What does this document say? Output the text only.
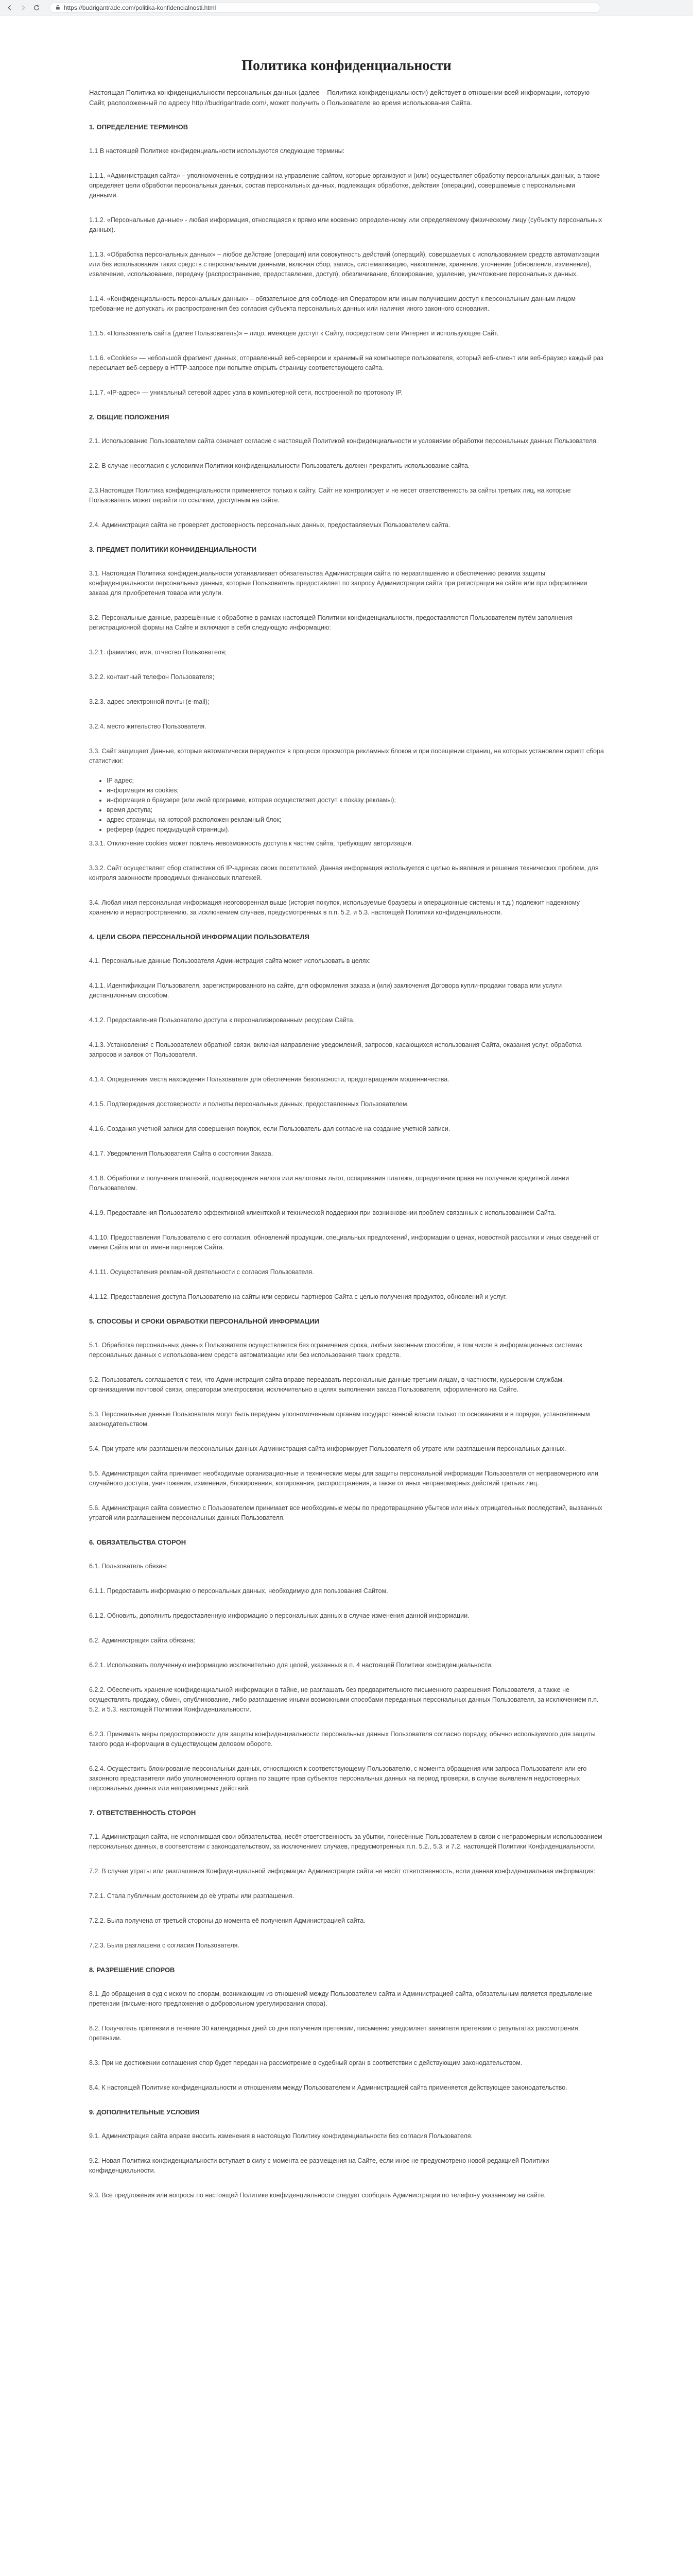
https://budrigantrade.com/politika-konfidencialnosti.html
Политика конфиденциальности

Настоящая Политика конфиденциальности персональных данных (далее – Политика конфиденциальности) действует в отношении всей информации, которую Сайт, расположенный по адресу http://budrigantrade.com/, может получить о Пользователе во время использования Сайта.

1. ОПРЕДЕЛЕНИЕ ТЕРМИНОВ

1.1 В настоящей Политике конфиденциальности используются следующие термины:

1.1.1. «Администрация сайта» – уполномоченные сотрудники на управление сайтом, которые организуют и (или) осуществляет обработку персональных данных, а также определяет цели обработки персональных данных, состав персональных данных, подлежащих обработке, действия (операции), совершаемые с персональными данными.

1.1.2. «Персональные данные» - любая информация, относящаяся к прямо или косвенно определенному или определяемому физическому лицу (субъекту персональных данных).

1.1.3. «Обработка персональных данных» – любое действие (операция) или совокупность действий (операций), совершаемых с использованием средств автоматизации или без использования таких средств с персональными данными, включая сбор, запись, систематизацию, накопление, хранение, уточнение (обновление, изменение), извлечение, использование, передачу (распространение, предоставление, доступ), обезличивание, блокирование, удаление, уничтожение персональных данных.

1.1.4. «Конфиденциальность персональных данных» – обязательное для соблюдения Оператором или иным получившим доступ к персональным данным лицом требование не допускать их распространения без согласия субъекта персональных данных или наличия иного законного основания.

1.1.5. «Пользователь сайта (далее Пользователь)» – лицо, имеющее доступ к Сайту, посредством сети Интернет и использующее Сайт.

1.1.6. «Cookies» — небольшой фрагмент данных, отправленный веб-сервером и хранимый на компьютере пользователя, который веб-клиент или веб-браузер каждый раз пересылает веб-серверу в HTTP-запросе при попытке открыть страницу соответствующего сайта.

1.1.7. «IP-адрес» — уникальный сетевой адрес узла в компьютерной сети, построенной по протоколу IP.

2. ОБЩИЕ ПОЛОЖЕНИЯ

2.1. Использование Пользователем сайта означает согласие с настоящей Политикой конфиденциальности и условиями обработки персональных данных Пользователя.

2.2. В случае несогласия с условиями Политики конфиденциальности Пользователь должен прекратить использование сайта.

2.3.Настоящая Политика конфиденциальности применяется только к сайту. Сайт не контролирует и не несет ответственность за сайты третьих лиц, на которые Пользователь может перейти по ссылкам, доступным на сайте.

2.4. Администрация сайта не проверяет достоверность персональных данных, предоставляемых Пользователем сайта.

3. ПРЕДМЕТ ПОЛИТИКИ КОНФИДЕНЦИАЛЬНОСТИ

3.1. Настоящая Политика конфиденциальности устанавливает обязательства Администрации сайта по неразглашению и обеспечению режима защиты конфиденциальности персональных данных, которые Пользователь предоставляет по запросу Администрации сайта при регистрации на сайте или при оформлении заказа для приобретения товара или услуги.

3.2. Персональные данные, разрешённые к обработке в рамках настоящей Политики конфиденциальности, предоставляются Пользователем путём заполнения регистрационной формы на Сайте и включают в себя следующую информацию:

3.2.1. фамилию, имя, отчество Пользователя;

3.2.2. контактный телефон Пользователя;

3.2.3. адрес электронной почты (e-mail);

3.2.4. место жительство Пользователя.

3.3. Сайт защищает Данные, которые автоматически передаются в процессе просмотра рекламных блоков и при посещении страниц, на которых установлен скрипт сбора статистики:

• IP адрес;
• информация из cookies;
• информация о браузере (или иной программе, которая осуществляет доступ к показу рекламы);
• время доступа;
• адрес страницы, на которой расположен рекламный блок;
• реферер (адрес предыдущей страницы).

3.3.1. Отключение cookies может повлечь невозможность доступа к частям сайта, требующим авторизации.

3.3.2. Сайт осуществляет сбор статистики об IP-адресах своих посетителей. Данная информация используется с целью выявления и решения технических проблем, для контроля законности проводимых финансовых платежей.

3.4. Любая иная персональная информация неоговоренная выше (история покупок, используемые браузеры и операционные системы и т.д.) подлежит надежному хранению и нераспространению, за исключением случаев, предусмотренных в п.п. 5.2. и 5.3. настоящей Политики конфиденциальности.

4. ЦЕЛИ СБОРА ПЕРСОНАЛЬНОЙ ИНФОРМАЦИИ ПОЛЬЗОВАТЕЛЯ

4.1. Персональные данные Пользователя Администрация сайта может использовать в целях:

4.1.1. Идентификации Пользователя, зарегистрированного на сайте, для оформления заказа и (или) заключения Договора купли-продажи товара или услуги дистанционным способом.

4.1.2. Предоставления Пользователю доступа к персонализированным ресурсам Сайта.

4.1.3. Установления с Пользователем обратной связи, включая направление уведомлений, запросов, касающихся использования Сайта, оказания услуг, обработка запросов и заявок от Пользователя.

4.1.4. Определения места нахождения Пользователя для обеспечения безопасности, предотвращения мошенничества.

4.1.5. Подтверждения достоверности и полноты персональных данных, предоставленных Пользователем.

4.1.6. Создания учетной записи для совершения покупок, если Пользователь дал согласие на создание учетной записи.

4.1.7. Уведомления Пользователя Сайта о состоянии Заказа.

4.1.8. Обработки и получения платежей, подтверждения налога или налоговых льгот, оспаривания платежа, определения права на получение кредитной линии Пользователем.

4.1.9. Предоставления Пользователю эффективной клиентской и технической поддержки при возникновении проблем связанных с использованием Сайта.

4.1.10. Предоставления Пользователю с его согласия, обновлений продукции, специальных предложений, информации о ценах, новостной рассылки и иных сведений от имени Сайта или от имени партнеров Сайта.

4.1.11. Осуществления рекламной деятельности с согласия Пользователя.

4.1.12. Предоставления доступа Пользователю на сайты или сервисы партнеров Сайта с целью получения продуктов, обновлений и услуг.

5. СПОСОБЫ И СРОКИ ОБРАБОТКИ ПЕРСОНАЛЬНОЙ ИНФОРМАЦИИ

5.1. Обработка персональных данных Пользователя осуществляется без ограничения срока, любым законным способом, в том числе в информационных системах персональных данных с использованием средств автоматизации или без использования таких средств.

5.2. Пользователь соглашается с тем, что Администрация сайта вправе передавать персональные данные третьим лицам, в частности, курьерским службам, организациями почтовой связи, операторам электросвязи, исключительно в целях выполнения заказа Пользователя, оформленного на Сайте.

5.3. Персональные данные Пользователя могут быть переданы уполномоченным органам государственной власти только по основаниям и в порядке, установленным законодательством.

5.4. При утрате или разглашении персональных данных Администрация сайта информирует Пользователя об утрате или разглашении персональных данных.

5.5. Администрация сайта принимает необходимые организационные и технические меры для защиты персональной информации Пользователя от неправомерного или случайного доступа, уничтожения, изменения, блокирования, копирования, распространения, а также от иных неправомерных действий третьих лиц.

5.6. Администрация сайта совместно с Пользователем принимает все необходимые меры по предотвращению убытков или иных отрицательных последствий, вызванных утратой или разглашением персональных данных Пользователя.

6. ОБЯЗАТЕЛЬСТВА СТОРОН

6.1. Пользователь обязан:

6.1.1. Предоставить информацию о персональных данных, необходимую для пользования Сайтом.

6.1.2. Обновить, дополнить предоставленную информацию о персональных данных в случае изменения данной информации.

6.2. Администрация сайта обязана:

6.2.1. Использовать полученную информацию исключительно для целей, указанных в п. 4 настоящей Политики конфиденциальности.

6.2.2. Обеспечить хранение конфиденциальной информации в тайне, не разглашать без предварительного письменного разрешения Пользователя, а также не осуществлять продажу, обмен, опубликование, либо разглашение иными возможными способами переданных персональных данных Пользователя, за исключением п.п. 5.2. и 5.3. настоящей Политики Конфиденциальности.

6.2.3. Принимать меры предосторожности для защиты конфиденциальности персональных данных Пользователя согласно порядку, обычно используемого для защиты такого рода информации в существующем деловом обороте.

6.2.4. Осуществить блокирование персональных данных, относящихся к соответствующему Пользователю, с момента обращения или запроса Пользователя или его законного представителя либо уполномоченного органа по защите прав субъектов персональных данных на период проверки, в случае выявления недостоверных персональных данных или неправомерных действий.

7. ОТВЕТСТВЕННОСТЬ СТОРОН

7.1. Администрация сайта, не исполнившая свои обязательства, несёт ответственность за убытки, понесённые Пользователем в связи с неправомерным использованием персональных данных, в соответствии с законодательством, за исключением случаев, предусмотренных п.п. 5.2., 5.3. и 7.2. настоящей Политики Конфиденциальности.

7.2. В случае утраты или разглашения Конфиденциальной информации Администрация сайта не несёт ответственность, если данная конфиденциальная информация:

7.2.1. Стала публичным достоянием до её утраты или разглашения.

7.2.2. Была получена от третьей стороны до момента её получения Администрацией сайта.

7.2.3. Была разглашена с согласия Пользователя.

8. РАЗРЕШЕНИЕ СПОРОВ

8.1. До обращения в суд с иском по спорам, возникающим из отношений между Пользователем сайта и Администрацией сайта, обязательным является предъявление претензии (письменного предложения о добровольном урегулировании спора).

8.2. Получатель претензии в течение 30 календарных дней со дня получения претензии, письменно уведомляет заявителя претензии о результатах рассмотрения претензии.

8.3. При не достижении соглашения спор будет передан на рассмотрение в судебный орган в соответствии с действующим законодательством.

8.4. К настоящей Политике конфиденциальности и отношениям между Пользователем и Администрацией сайта применяется действующее законодательство.

9. ДОПОЛНИТЕЛЬНЫЕ УСЛОВИЯ

9.1. Администрация сайта вправе вносить изменения в настоящую Политику конфиденциальности без согласия Пользователя.

9.2. Новая Политика конфиденциальности вступает в силу с момента ее размещения на Сайте, если иное не предусмотрено новой редакцией Политики конфиденциальности.

9.3. Все предложения или вопросы по настоящей Политике конфиденциальности следует сообщать Администрации по телефону указанному на сайте.
